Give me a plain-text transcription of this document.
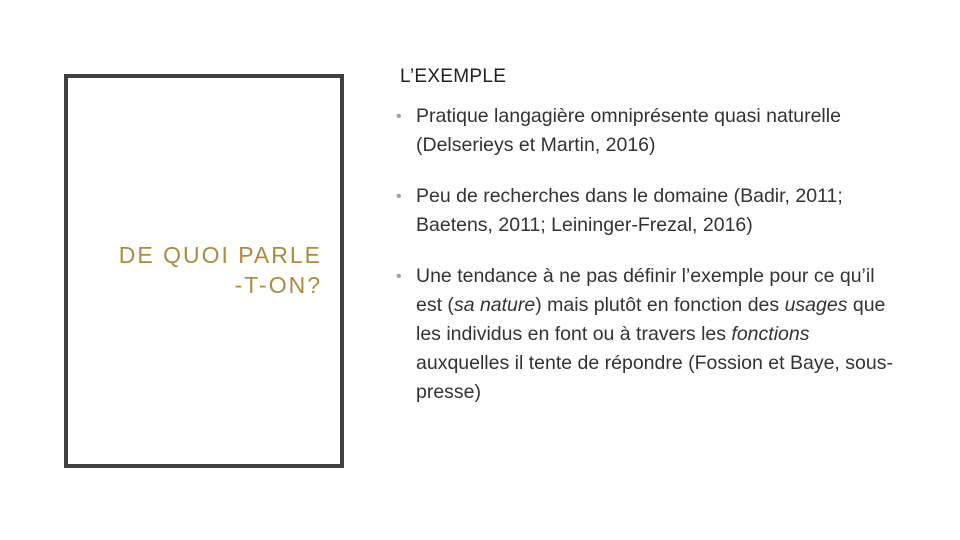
DE QUOI PARLE
-T-ON?
L’EXEMPLE
• Pratique langagière omniprésente quasi naturelle (Delserieys et Martin, 2016)
• Peu de recherches dans le domaine (Badir, 2011; Baetens, 2011; Leininger-Frezal, 2016)
• Une tendance à ne pas définir l’exemple pour ce qu’il est (sa nature) mais plutôt en fonction des usages que les individus en font ou à travers les fonctions auxquelles il tente de répondre (Fossion et Baye, sous-presse)
